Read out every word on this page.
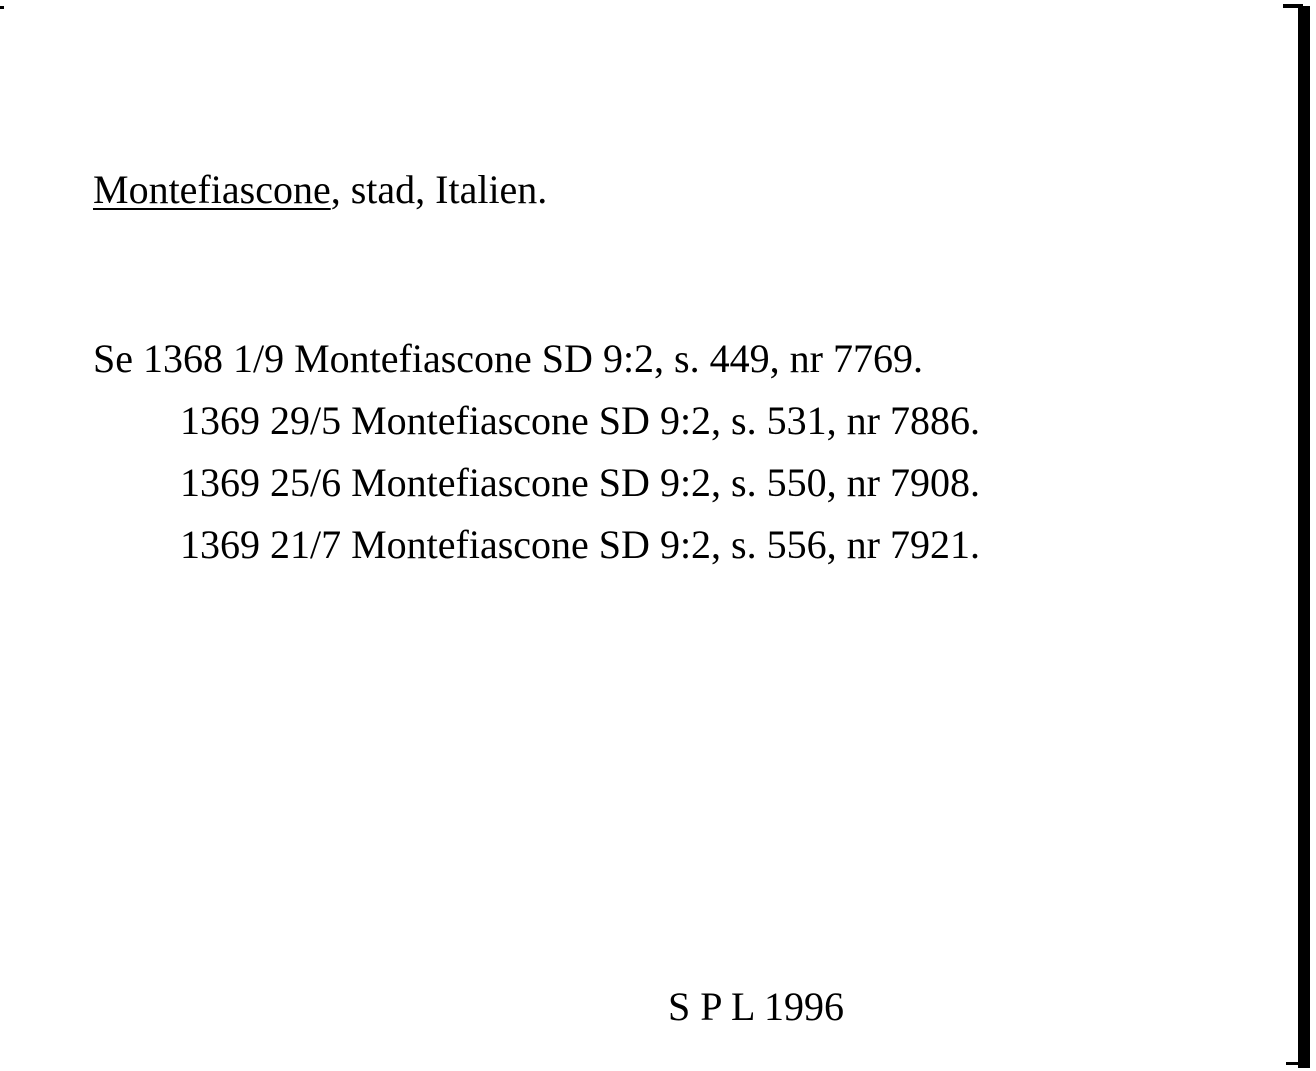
Montefiascone, stad, Italien.
Se 1368 1/9 Montefiascone SD 9:2, s. 449, nr 7769.
1369 29/5 Montefiascone SD 9:2, s. 531, nr 7886.
1369 25/6 Montefiascone SD 9:2, s. 550, nr 7908.
1369 21/7 Montefiascone SD 9:2, s. 556, nr 7921.
S P L 1996
